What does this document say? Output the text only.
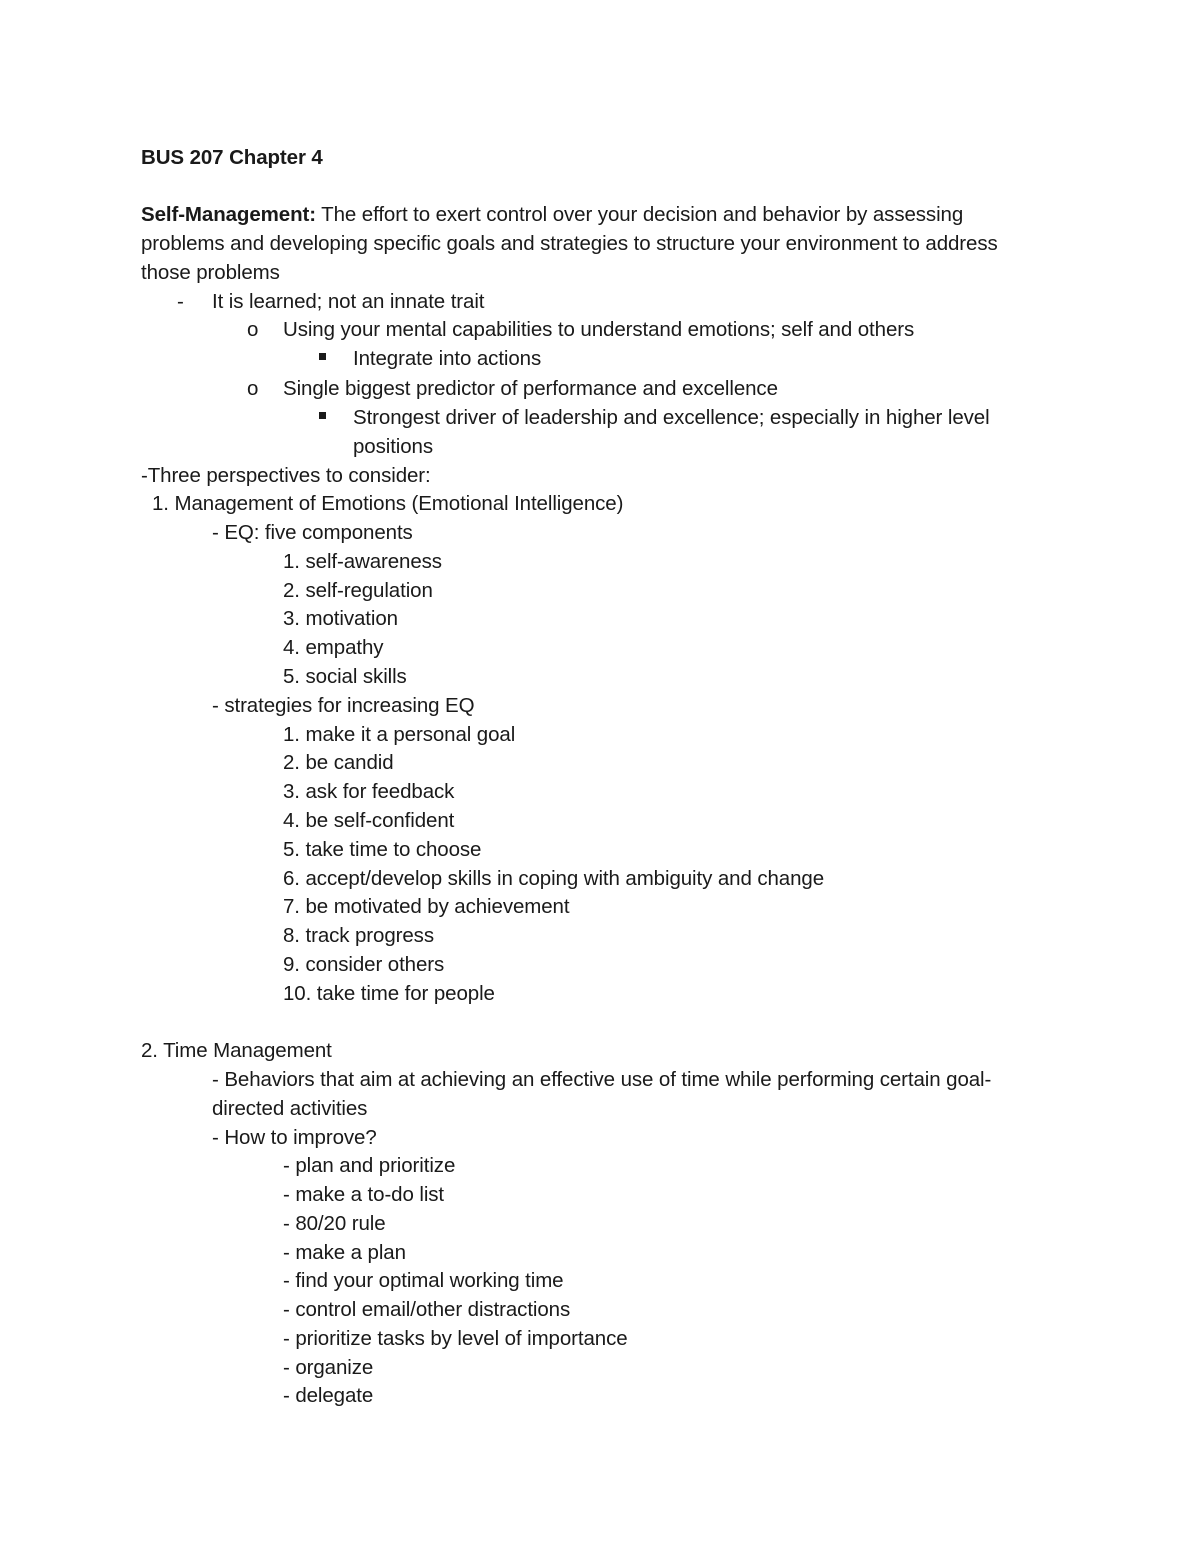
BUS 207 Chapter 4
Self-Management: The effort to exert control over your decision and behavior by assessing
problems and developing specific goals and strategies to structure your environment to address
those problems
- It is learned; not an innate trait
o Using your mental capabilities to understand emotions; self and others
Integrate into actions
o Single biggest predictor of performance and excellence
Strongest driver of leadership and excellence; especially in higher level
positions
-Three perspectives to consider:
1. Management of Emotions (Emotional Intelligence)
- EQ: five components
1. self-awareness
2. self-regulation
3. motivation
4. empathy
5. social skills
- strategies for increasing EQ
1. make it a personal goal
2. be candid
3. ask for feedback
4. be self-confident
5. take time to choose
6. accept/develop skills in coping with ambiguity and change
7. be motivated by achievement
8. track progress
9. consider others
10. take time for people
2. Time Management
- Behaviors that aim at achieving an effective use of time while performing certain goal-
directed activities
- How to improve?
- plan and prioritize
- make a to-do list
- 80/20 rule
- make a plan
- find your optimal working time
- control email/other distractions
- prioritize tasks by level of importance
- organize
- delegate
